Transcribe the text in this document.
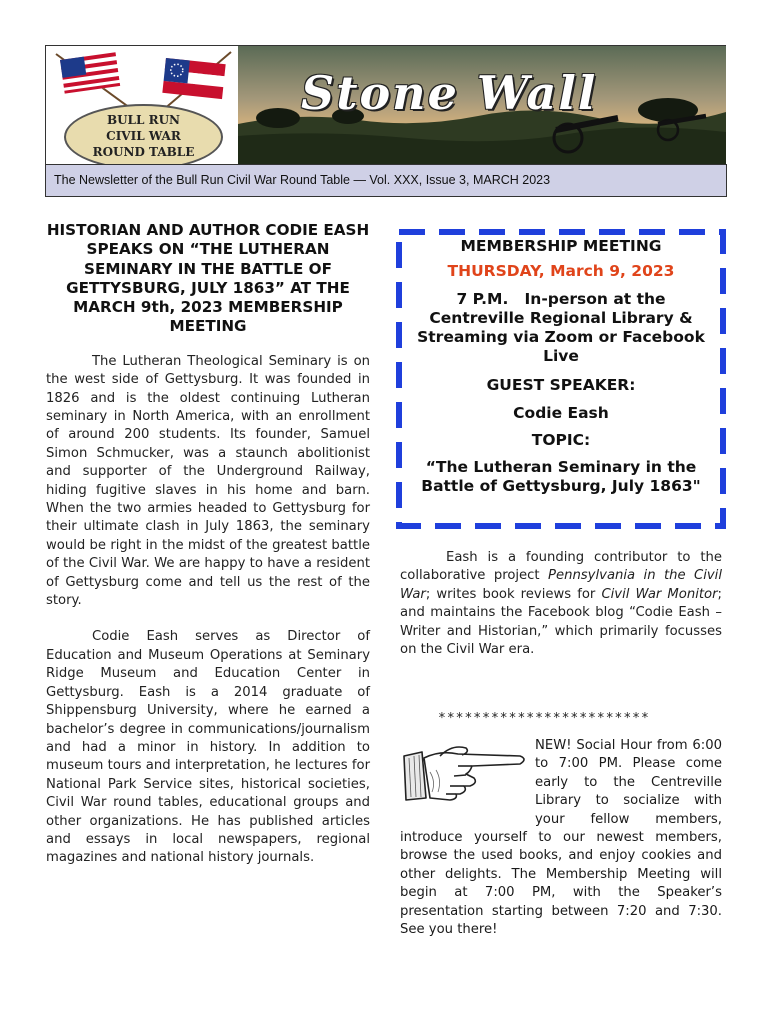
BULL RUN
CIVIL WAR
ROUND TABLE
Stone Wall
The Newsletter of the Bull Run Civil War Round Table — Vol. XXX, Issue 3, MARCH 2023
HISTORIAN AND AUTHOR CODIE EASH SPEAKS ON “THE LUTHERAN SEMINARY IN THE BATTLE OF GETTYSBURG, JULY 1863” AT THE MARCH 9th, 2023 MEMBERSHIP MEETING

The Lutheran Theological Seminary is on the west side of Gettysburg. It was founded in 1826 and is the oldest continuing Lutheran seminary in North America, with an enrollment of around 200 students. Its founder, Samuel Simon Schmucker, was a staunch abolitionist and supporter of the Underground Railway, hiding fugitive slaves in his home and barn. When the two armies headed to Gettysburg for their ultimate clash in July 1863, the seminary would be right in the midst of the greatest battle of the Civil War. We are happy to have a resident of Gettysburg come and tell us the rest of the story.

Codie Eash serves as Director of Education and Museum Operations at Seminary Ridge Museum and Education Center in Gettysburg. Eash is a 2014 graduate of Shippensburg University, where he earned a bachelor’s degree in communications/journalism and had a minor in history. In addition to museum tours and interpretation, he lectures for National Park Service sites, historical societies, Civil War round tables, educational groups and other organizations. He has published articles and essays in local newspapers, regional magazines and national history journals.

MEMBERSHIP MEETING
THURSDAY, March 9, 2023
7 P.M.   In-person at the Centreville Regional Library & Streaming via Zoom or Facebook Live
GUEST SPEAKER:
Codie Eash
TOPIC:
“The Lutheran Seminary in the Battle of Gettysburg, July 1863"

Eash is a founding contributor to the collaborative project Pennsylvania in the Civil War; writes book reviews for Civil War Monitor; and maintains the Facebook blog “Codie Eash – Writer and Historian,” which primarily focusses on the Civil War era.

************************

NEW! Social Hour from 6:00 to 7:00 PM. Please come early to the Centreville Library to socialize with your fellow members, introduce yourself to our newest members, browse the used books, and enjoy cookies and other delights. The Membership Meeting will begin at 7:00 PM, with the Speaker’s presentation starting between 7:20 and 7:30. See you there!
